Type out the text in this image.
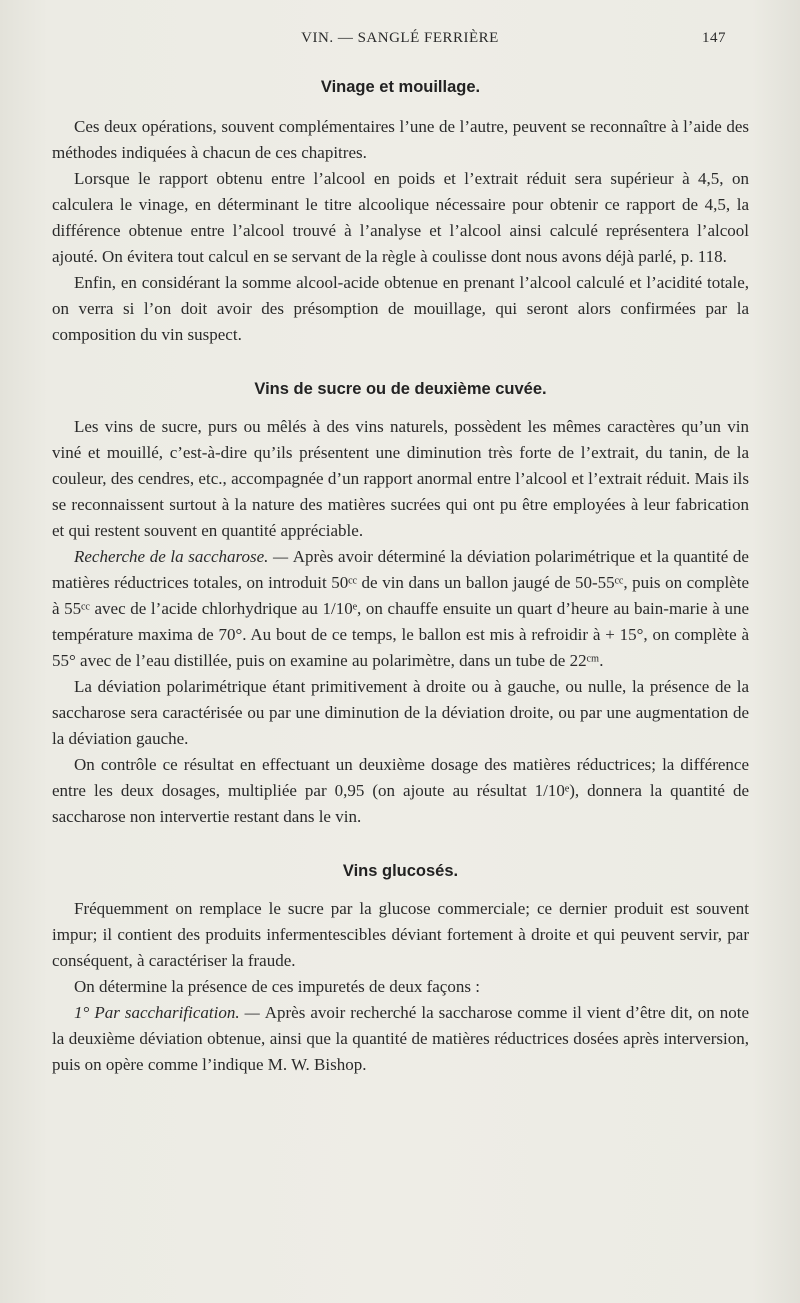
VIN. — SANGLÉ FERRIÈRE	147
Vinage et mouillage.

Ces deux opérations, souvent complémentaires l’une de l’autre, peuvent se reconnaître à l’aide des méthodes indiquées à chacun de ces chapitres.

Lorsque le rapport obtenu entre l’alcool en poids et l’extrait réduit sera supérieur à 4,5, on calculera le vinage, en déterminant le titre alcoolique nécessaire pour obtenir ce rapport de 4,5, la différence obtenue entre l’alcool trouvé à l’analyse et l’alcool ainsi calculé représentera l’alcool ajouté. On évitera tout calcul en se servant de la règle à coulisse dont nous avons déjà parlé, p. 118.

Enfin, en considérant la somme alcool-acide obtenue en prenant l’alcool calculé et l’acidité totale, on verra si l’on doit avoir des présomption de mouillage, qui seront alors confirmées par la composition du vin suspect.

Vins de sucre ou de deuxième cuvée.

Les vins de sucre, purs ou mêlés à des vins naturels, possèdent les mêmes caractères qu’un vin viné et mouillé, c’est-à-dire qu’ils présentent une diminution très forte de l’extrait, du tanin, de la couleur, des cendres, etc., accompagnée d’un rapport anormal entre l’alcool et l’extrait réduit. Mais ils se reconnaissent surtout à la nature des matières sucrées qui ont pu être employées à leur fabrication et qui restent souvent en quantité appréciable.

Recherche de la saccharose. — Après avoir déterminé la déviation polarimétrique et la quantité de matières réductrices totales, on introduit 50ᶜᶜ de vin dans un ballon jaugé de 50-55ᶜᶜ, puis on complète à 55ᶜᶜ avec de l’acide chlorhydrique au 1/10ᵉ, on chauffe ensuite un quart d’heure au bain-marie à une température maxima de 70°. Au bout de ce temps, le ballon est mis à refroidir à + 15°, on complète à 55° avec de l’eau distillée, puis on examine au polarimètre, dans un tube de 22ᶜᵐ.

La déviation polarimétrique étant primitivement à droite ou à gauche, ou nulle, la présence de la saccharose sera caractérisée ou par une diminution de la déviation droite, ou par une augmentation de la déviation gauche.

On contrôle ce résultat en effectuant un deuxième dosage des matières réductrices; la différence entre les deux dosages, multipliée par 0,95 (on ajoute au résultat 1/10ᵉ), donnera la quantité de saccharose non intervertie restant dans le vin.

Vins glucosés.

Fréquemment on remplace le sucre par la glucose commerciale; ce dernier produit est souvent impur; il contient des produits infermentescibles déviant fortement à droite et qui peuvent servir, par conséquent, à caractériser la fraude.

On détermine la présence de ces impuretés de deux façons :

1° Par saccharification. — Après avoir recherché la saccharose comme il vient d’être dit, on note la deuxième déviation obtenue, ainsi que la quantité de matières réductrices dosées après interversion, puis on opère comme l’indique M. W. Bishop.
